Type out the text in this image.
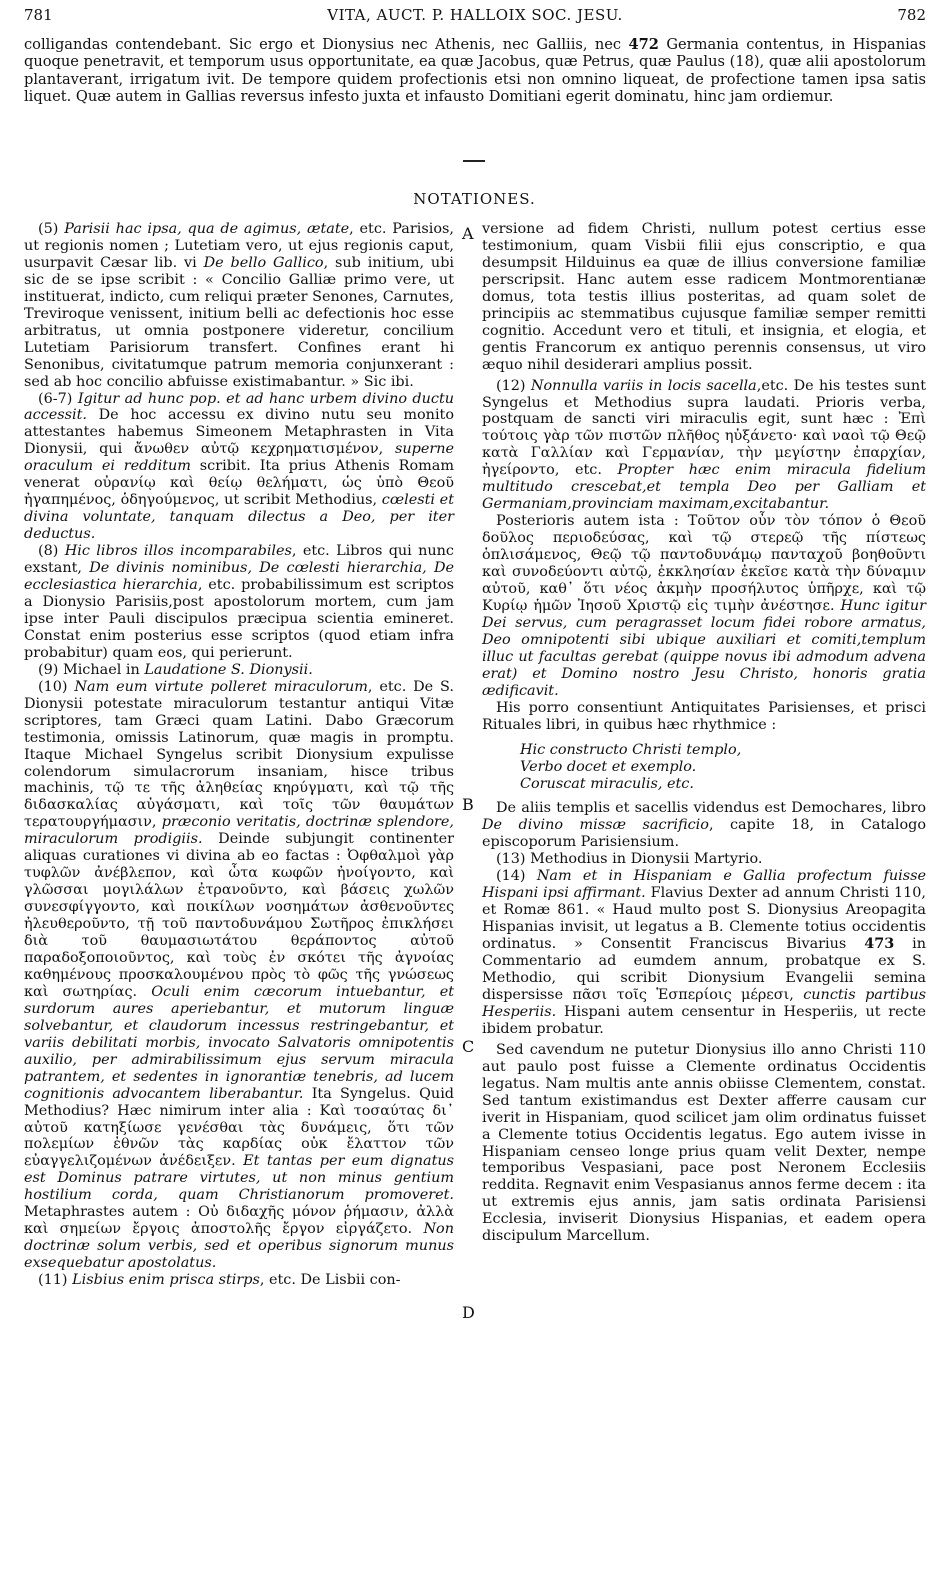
781	VITA, AUCT. P. HALLOIX SOC. JESU.	782
colligandas contendebant. Sic ergo et Dionysius nec Athenis, nec Galliis, nec 472 Germania contentus, in Hispanias quoque penetravit, et temporum usus opportunitate, ea quæ Jacobus, quæ Petrus, quæ Paulus (18), quæ alii apostolorum plantaverant, irrigatum ivit. De tempore quidem profectionis etsi non omnino liqueat, de profectione tamen ipsa satis liquet. Quæ autem in Gallias reversus infesto juxta et infausto Domitiani egerit dominatu, hinc jam ordiemur.
NOTATIONES.
A
B
C
D

(5) Parisii hac ipsa, qua de agimus, ætate, etc. Parisios, ut regionis nomen ; Lutetiam vero, ut ejus regionis caput, usurpavit Cæsar lib. vi De bello Gallico, sub initium, ubi sic de se ipse scribit : « Concilio Galliæ primo vere, ut instituerat, indicto, cum reliqui præter Senones, Carnutes, Treviroque venissent, initium belli ac defectionis hoc esse arbitratus, ut omnia postponere videretur, concilium Lutetiam Parisiorum transfert. Confines erant hi Senonibus, civitatumque patrum memoria conjunxerant : sed ab hoc concilio abfuisse existimabantur. » Sic ibi.

(6-7) Igitur ad hunc pop. et ad hanc urbem divino ductu accessit. De hoc accessu ex divino nutu seu monito attestantes habemus Simeonem Metaphrasten in Vita Dionysii, qui ἄνωθεν αὐτῷ κεχρηματισμένον, superne oraculum ei redditum scribit. Ita prius Athenis Romam venerat οὐρανίῳ καὶ θείῳ θελήματι, ὡς ὑπὸ Θεοῦ ἠγαπημένος, ὁδηγούμενος, ut scribit Methodius, cœlesti et divina voluntate, tanquam dilectus a Deo, per iter deductus.

(8) Hic libros illos incomparabiles, etc. Libros qui nunc exstant, De divinis nominibus, De cœlesti hierarchia, De ecclesiastica hierarchia, etc. probabilissimum est scriptos a Dionysio Parisiis,post apostolorum mortem, cum jam ipse inter Pauli discipulos præcipua scientia emineret. Constat enim posterius esse scriptos (quod etiam infra probabitur) quam eos, qui perierunt.

(9) Michael in Laudatione S. Dionysii.

(10) Nam eum virtute polleret miraculorum, etc. De S. Dionysii potestate miraculorum testantur antiqui Vitæ scriptores, tam Græci quam Latini. Dabo Græcorum testimonia, omissis Latinorum, quæ magis in promptu. Itaque Michael Syngelus scribit Dionysium expulisse colendorum simulacrorum insaniam, hisce tribus machinis, τῷ τε τῆς ἀληθείας κηρύγματι, καὶ τῷ τῆς διδασκαλίας αὐγάσματι, καὶ τοῖς τῶν θαυμάτων τερατουργήμασιν, præconio veritatis, doctrinæ splendore, miraculorum prodigiis. Deinde subjungit continenter aliquas curationes vi divina ab eo factas : Ὀφθαλμοὶ γὰρ τυφλῶν ἀνέβλεπον, καὶ ὦτα κωφῶν ἠνοίγοντο, καὶ γλῶσσαι μογιλάλων ἐτρανοῦντο, καὶ βάσεις χωλῶν συνεσφίγγοντο, καὶ ποικίλων νοσημάτων ἀσθενοῦντες ἠλευθεροῦντο, τῇ τοῦ παντοδυνάμου Σωτῆρος ἐπικλήσει διὰ τοῦ θαυμασιωτάτου θεράποντος αὐτοῦ παραδοξοποιοῦντος, καὶ τοὺς ἐν σκότει τῆς ἀγνοίας καθημένους προσκαλουμένου πρὸς τὸ φῶς τῆς γνώσεως καὶ σωτηρίας. Oculi enim cæcorum intuebantur, et surdorum aures aperiebantur, et mutorum linguæ solvebantur, et claudorum incessus restringebantur, et variis debilitati morbis, invocato Salvatoris omnipotentis auxilio, per admirabilissimum ejus servum miracula patrantem, et sedentes in ignorantiæ tenebris, ad lucem cognitionis advocantem liberabantur. Ita Syngelus. Quid Methodius? Hæc nimirum inter alia : Καὶ τοσαύτας δι᾿ αὐτοῦ κατηξίωσε γενέσθαι τὰς δυνάμεις, ὅτι τῶν πολεμίων ἐθνῶν τὰς καρδίας οὐκ ἔλαττον τῶν εὐαγγελιζομένων ἀνέδειξεν. Et tantas per eum dignatus est Dominus patrare virtutes, ut non minus gentium hostilium corda, quam Christianorum promoveret. Metaphrastes autem : Οὐ διδαχῆς μόνον ῥήμασιν, ἀλλὰ καὶ σημείων ἔργοις ἀποστολῆς ἔργον εἰργάζετο. Non doctrinæ solum verbis, sed et operibus signorum munus exsequebatur apostolatus.

(11) Lisbius enim prisca stirps, etc. De Lisbii con-

versione ad fidem Christi, nullum potest certius esse testimonium, quam Visbii filii ejus conscriptio, e qua desumpsit Hilduinus ea quæ de illius conversione familiæ perscripsit. Hanc autem esse radicem Montmorentianæ domus, tota testis illius posteritas, ad quam solet de principiis ac stemmatibus cujusque familiæ semper remitti cognitio. Accedunt vero et tituli, et insignia, et elogia, et gentis Francorum ex antiquo perennis consensus, ut viro æquo nihil desiderari amplius possit.

(12) Nonnulla variis in locis sacella,etc. De his testes sunt Syngelus et Methodius supra laudati. Prioris verba, postquam de sancti viri miraculis egit, sunt hæc : Ἐπὶ τούτοις γὰρ τῶν πιστῶν πλῆθος ηὐξάνετο· καὶ ναοὶ τῷ Θεῷ κατὰ Γαλλίαν καὶ Γερμανίαν, τὴν μεγίστην ἐπαρχίαν, ἠγείροντο, etc. Propter hæc enim miracula fidelium multitudo crescebat,et templa Deo per Galliam et Germaniam,provinciam maximam,excitabantur.

Posterioris autem ista : Τοῦτον οὖν τὸν τόπον ὁ Θεοῦ δοῦλος περιοδεύσας, καὶ τῷ στερεῷ τῆς πίστεως ὁπλισάμενος, Θεῷ τῷ παντοδυνάμῳ πανταχοῦ βοηθοῦντι καὶ συνοδεύοντι αὐτῷ, ἐκκλησίαν ἐκεῖσε κατὰ τὴν δύναμιν αὐτοῦ, καθ᾿ ὅτι νέος ἀκμὴν προσήλυτος ὑπῆρχε, καὶ τῷ Κυρίῳ ἡμῶν Ἰησοῦ Χριστῷ εἰς τιμὴν ἀνέστησε. Hunc igitur Dei servus, cum peragrasset locum fidei robore armatus, Deo omnipotenti sibi ubique auxiliari et comiti,templum illuc ut facultas gerebat (quippe novus ibi admodum advena erat) et Domino nostro Jesu Christo, honoris gratia ædificavit.

His porro consentiunt Antiquitates Parisienses, et prisci Rituales libri, in quibus hæc rhythmice :

Hic constructo Christi templo,
Verbo docet et exemplo.
Coruscat miraculis, etc.

De aliis templis et sacellis videndus est Demochares, libro De divino missæ sacrificio, capite 18, in Catalogo episcoporum Parisiensium.

(13) Methodius in Dionysii Martyrio.

(14) Nam et in Hispaniam e Gallia profectum fuisse Hispani ipsi affirmant. Flavius Dexter ad annum Christi 110, et Romæ 861. « Haud multo post S. Dionysius Areopagita Hispanias invisit, ut legatus a B. Clemente totius occidentis ordinatus. » Consentit Franciscus Bivarius 473 in Commentario ad eumdem annum, probatque ex S. Methodio, qui scribit Dionysium Evangelii semina dispersisse πᾶσι τοῖς Ἑσπερίοις μέρεσι, cunctis partibus Hesperiis. Hispani autem censentur in Hesperiis, ut recte ibidem probatur.

Sed cavendum ne putetur Dionysius illo anno Christi 110 aut paulo post fuisse a Clemente ordinatus Occidentis legatus. Nam multis ante annis obiisse Clementem, constat. Sed tantum existimandus est Dexter afferre causam cur iverit in Hispaniam, quod scilicet jam olim ordinatus fuisset a Clemente totius Occidentis legatus. Ego autem ivisse in Hispaniam censeo longe prius quam velit Dexter, nempe temporibus Vespasiani, pace post Neronem Ecclesiis reddita. Regnavit enim Vespasianus annos ferme decem : ita ut extremis ejus annis, jam satis ordinata Parisiensi Ecclesia, inviserit Dionysius Hispanias, et eadem opera discipulum Marcellum.
